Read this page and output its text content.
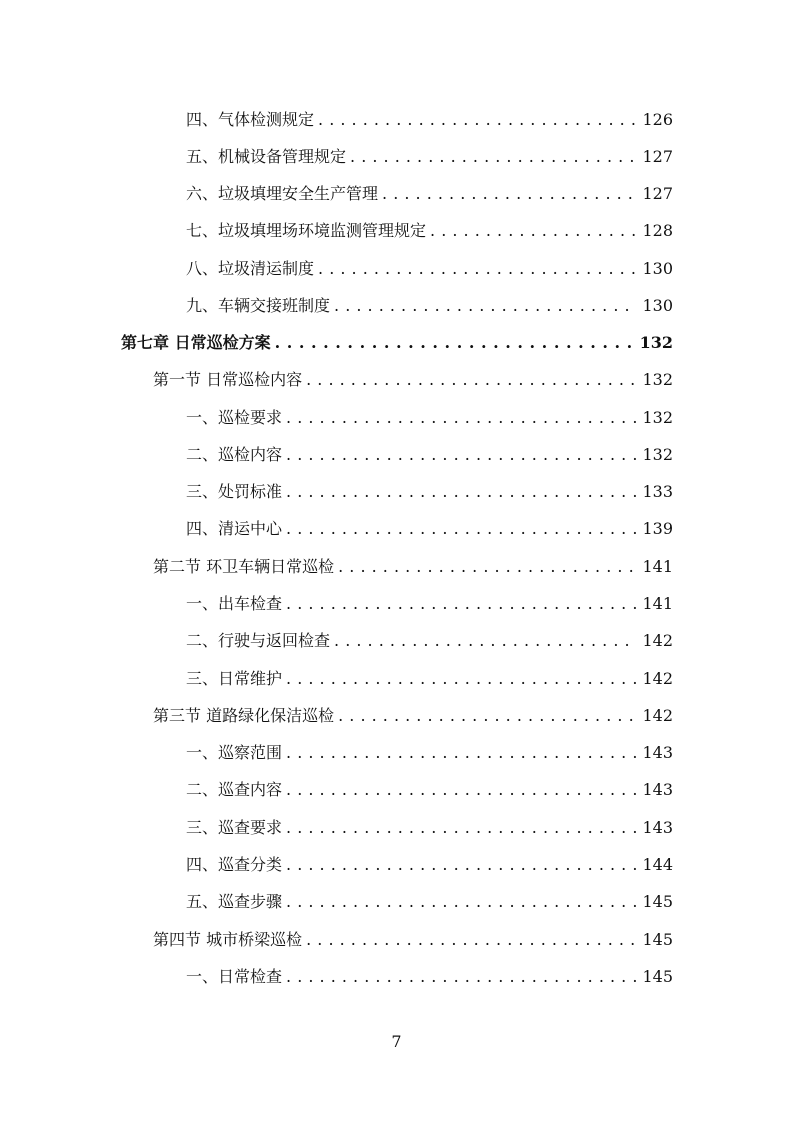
四、气体检测规定 . . .	126
五、机械设备管理规定 . . .	127
六、垃圾填埋安全生产管理 . . .	127
七、垃圾填埋场环境监测管理规定 . . .	128
八、垃圾清运制度 . . .	130
九、车辆交接班制度 . . .	130
第七章 日常巡检方案 . . .	132
第一节 日常巡检内容 . . .	132
一、巡检要求 . . .	132
二、巡检内容 . . .	132
三、处罚标准 . . .	133
四、清运中心 . . .	139
第二节 环卫车辆日常巡检 . . .	141
一、出车检查 . . .	141
二、行驶与返回检查 . . .	142
三、日常维护 . . .	142
第三节 道路绿化保洁巡检 . . .	142
一、巡察范围 . . .	143
二、巡查内容 . . .	143
三、巡查要求 . . .	143
四、巡查分类 . . .	144
五、巡查步骤 . . .	145
第四节 城市桥梁巡检 . . .	145
一、日常检查 . . .	145
7
